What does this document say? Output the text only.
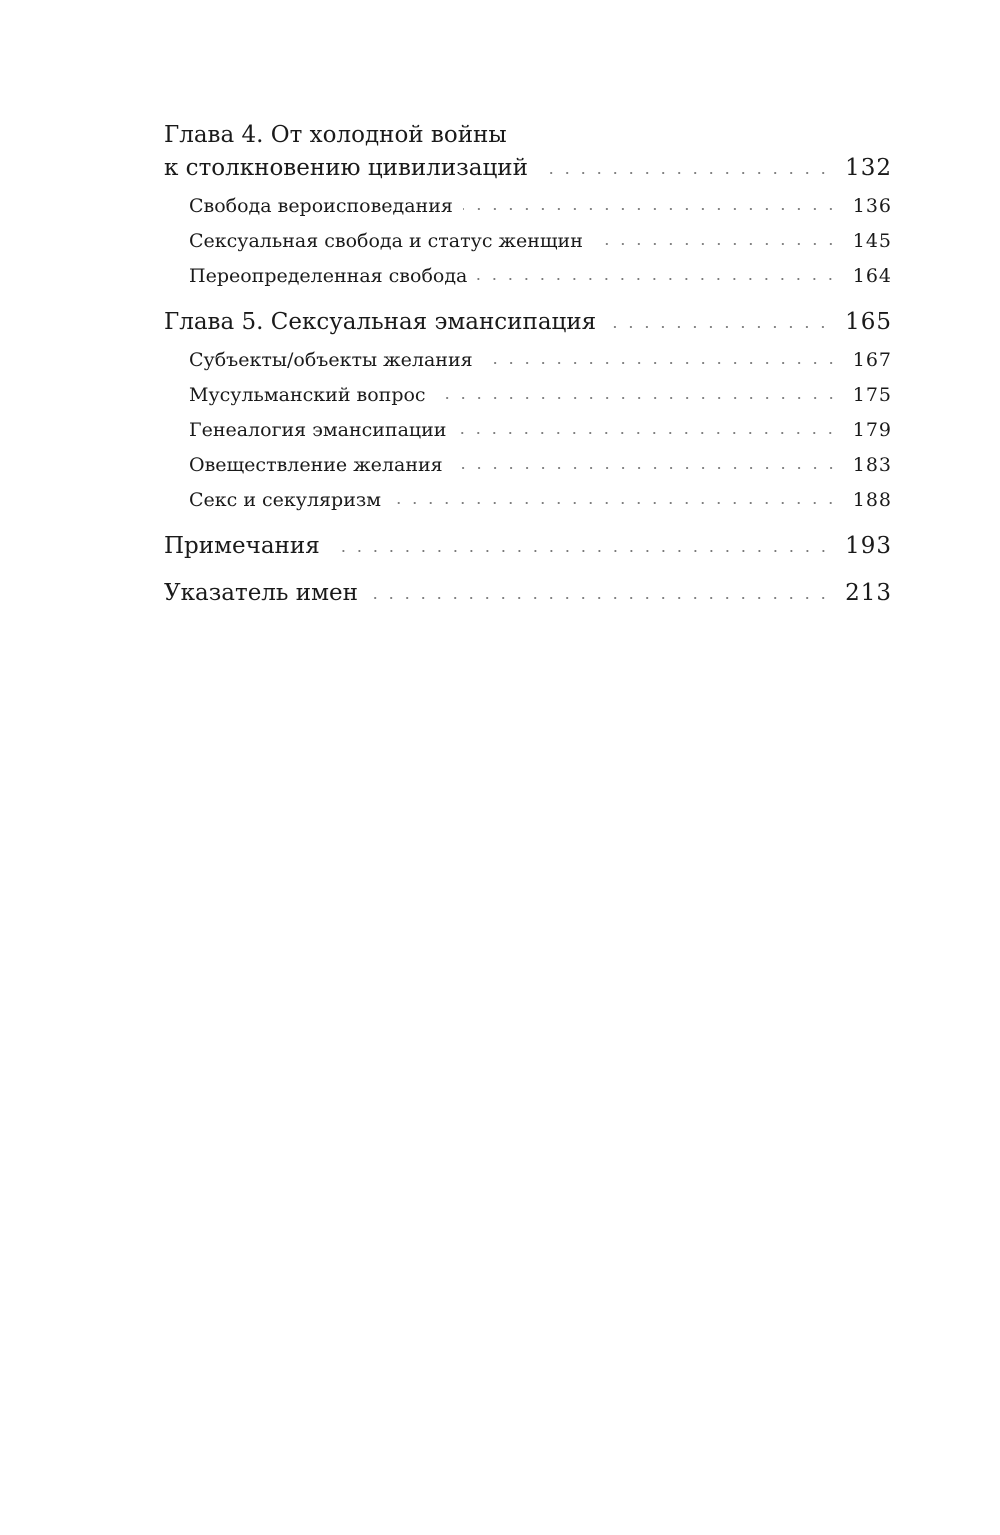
Глава 4. От холодной войны
к столкновению цивилизаций	132
Свобода вероисповедания	136
Сексуальная свобода и статус женщин	145
Переопределенная свобода	164
Глава 5. Сексуальная эмансипация	165
Субъекты/объекты желания	167
Мусульманский вопрос	175
Генеалогия эмансипации	179
Овеществление желания	183
Секс и секуляризм	188
Примечания	193
Указатель имен	213
